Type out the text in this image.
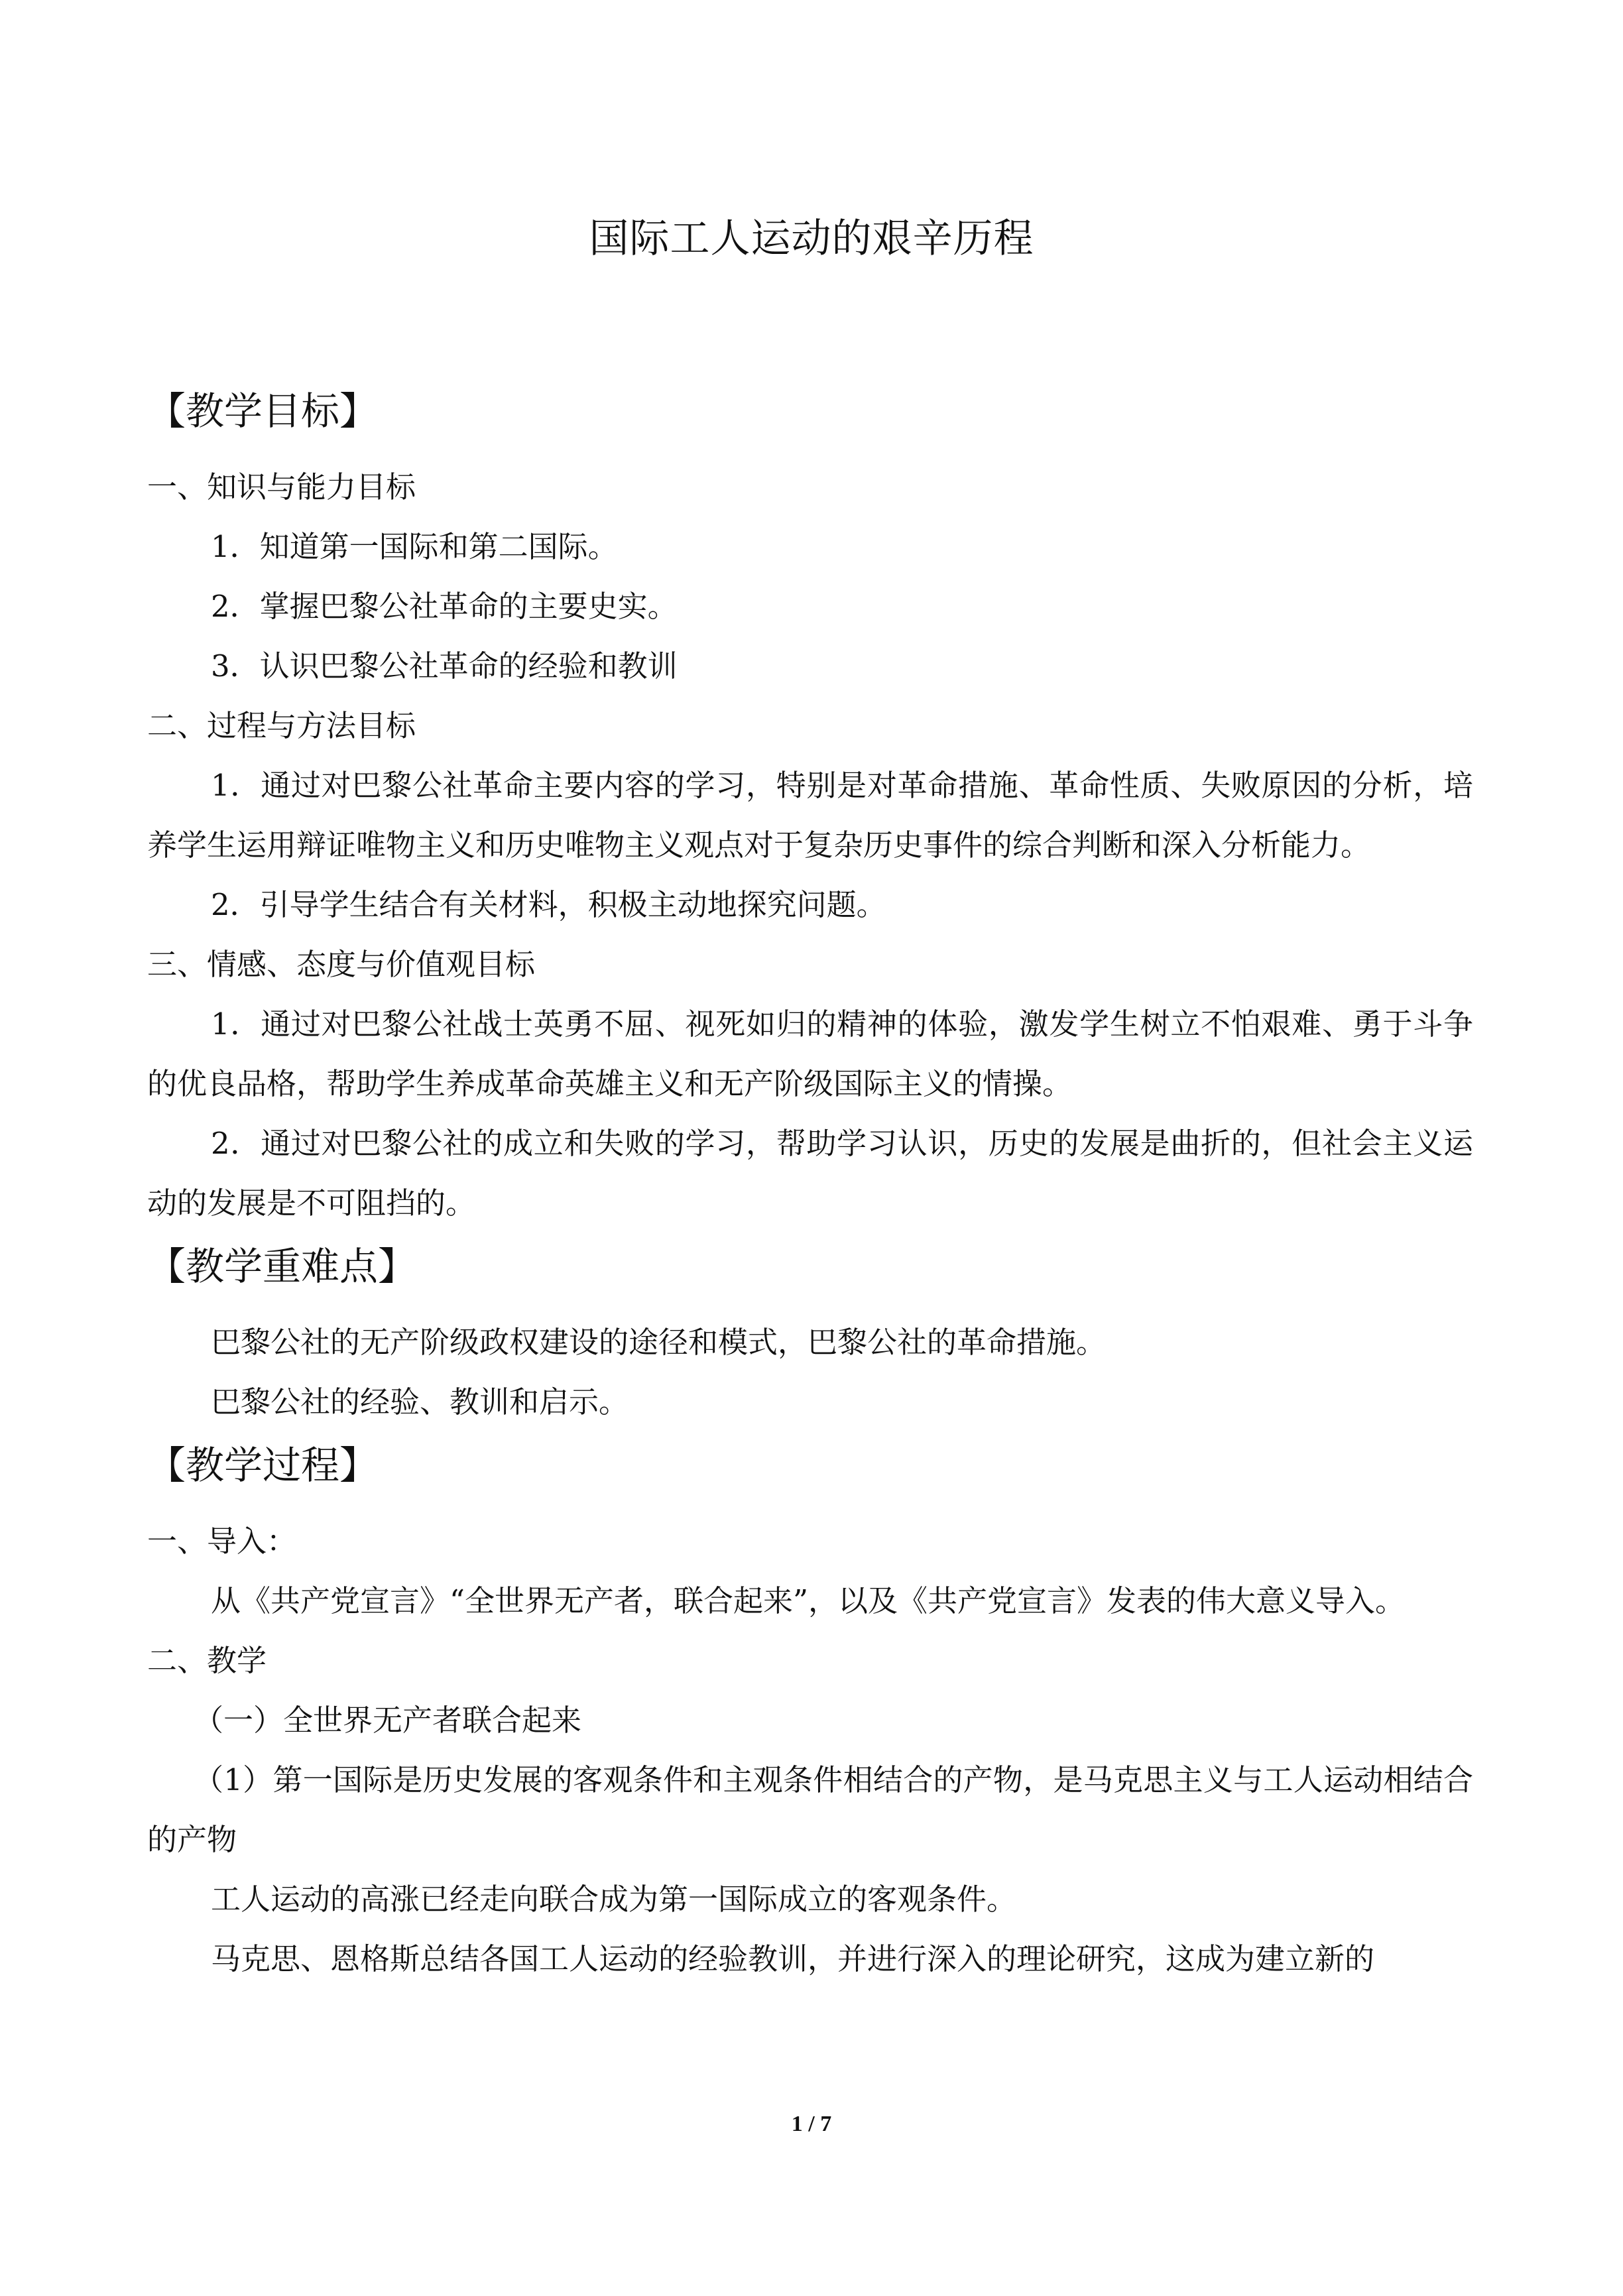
国际工人运动的艰辛历程
【教学目标】
一、知识与能力目标
1．知道第一国际和第二国际。
2．掌握巴黎公社革命的主要史实。
3．认识巴黎公社革命的经验和教训
二、过程与方法目标
1．通过对巴黎公社革命主要内容的学习，特别是对革命措施、革命性质、失败原因的分析，培养学生运用辩证唯物主义和历史唯物主义观点对于复杂历史事件的综合判断和深入分析能力。
2．引导学生结合有关材料，积极主动地探究问题。
三、情感、态度与价值观目标
1．通过对巴黎公社战士英勇不屈、视死如归的精神的体验，激发学生树立不怕艰难、勇于斗争的优良品格，帮助学生养成革命英雄主义和无产阶级国际主义的情操。
2．通过对巴黎公社的成立和失败的学习，帮助学习认识，历史的发展是曲折的，但社会主义运动的发展是不可阻挡的。
【教学重难点】
巴黎公社的无产阶级政权建设的途径和模式，巴黎公社的革命措施。
巴黎公社的经验、教训和启示。
【教学过程】
一、导入：
从《共产党宣言》“全世界无产者，联合起来”，以及《共产党宣言》发表的伟大意义导入。
二、教学
（一）全世界无产者联合起来
（1）第一国际是历史发展的客观条件和主观条件相结合的产物，是马克思主义与工人运动相结合的产物
工人运动的高涨已经走向联合成为第一国际成立的客观条件。
马克思、恩格斯总结各国工人运动的经验教训，并进行深入的理论研究，这成为建立新的
1 / 7
